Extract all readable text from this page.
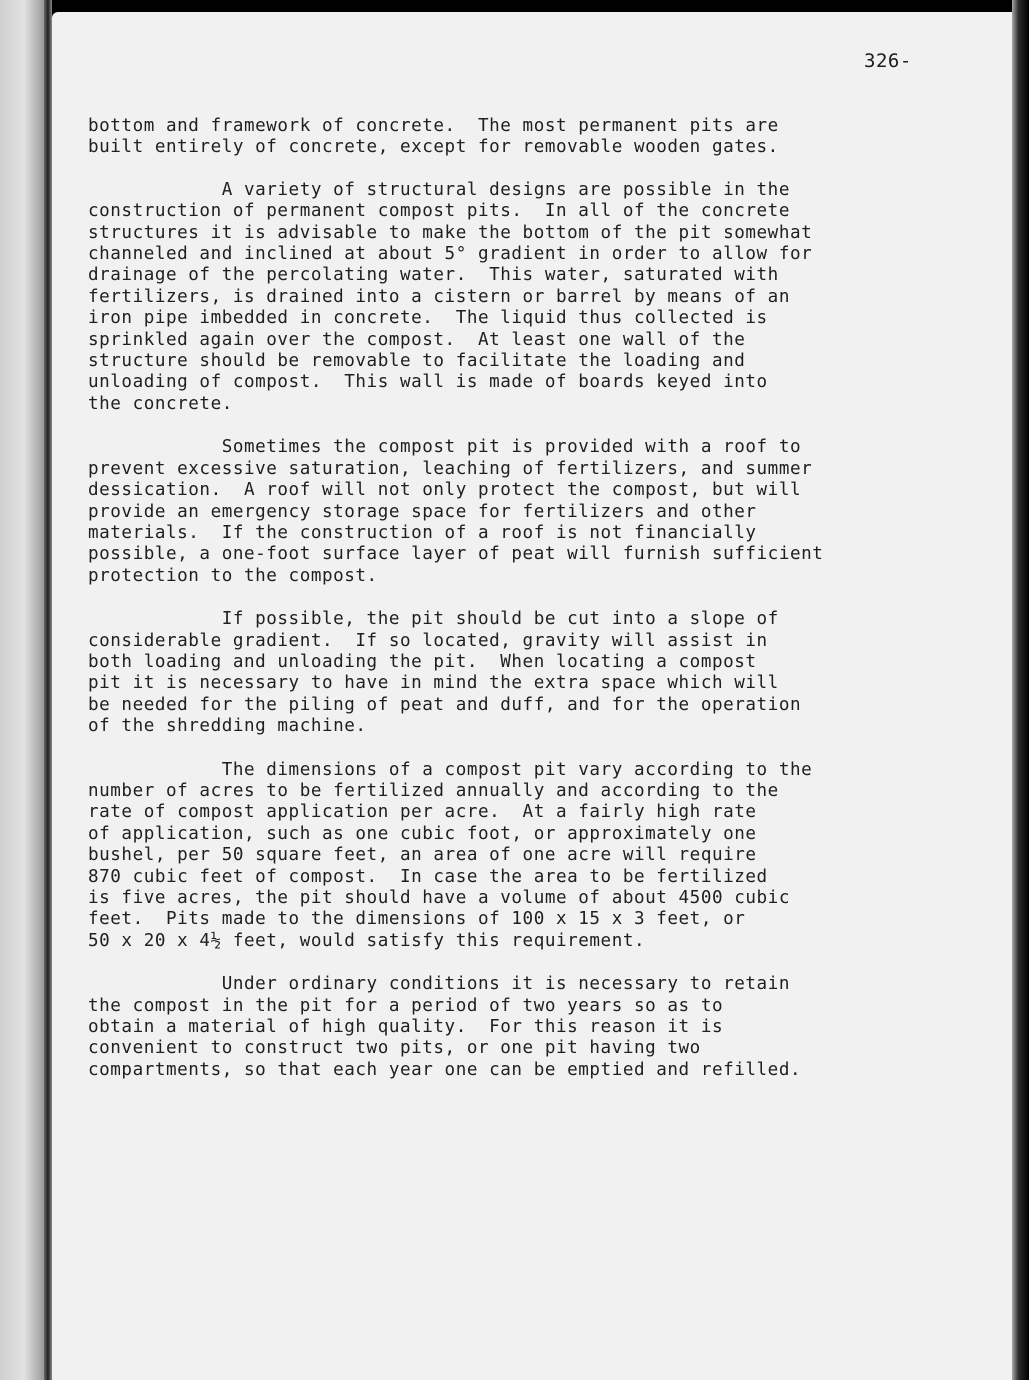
326-

bottom and framework of concrete.  The most permanent pits are
built entirely of concrete, except for removable wooden gates.

A variety of structural designs are possible in the
construction of permanent compost pits.  In all of the concrete
structures it is advisable to make the bottom of the pit somewhat
channeled and inclined at about 5° gradient in order to allow for
drainage of the percolating water.  This water, saturated with
fertilizers, is drained into a cistern or barrel by means of an
iron pipe imbedded in concrete.  The liquid thus collected is
sprinkled again over the compost.  At least one wall of the
structure should be removable to facilitate the loading and
unloading of compost.  This wall is made of boards keyed into
the concrete.

Sometimes the compost pit is provided with a roof to
prevent excessive saturation, leaching of fertilizers, and summer
dessication.  A roof will not only protect the compost, but will
provide an emergency storage space for fertilizers and other
materials.  If the construction of a roof is not financially
possible, a one-foot surface layer of peat will furnish sufficient
protection to the compost.

If possible, the pit should be cut into a slope of
considerable gradient.  If so located, gravity will assist in
both loading and unloading the pit.  When locating a compost
pit it is necessary to have in mind the extra space which will
be needed for the piling of peat and duff, and for the operation
of the shredding machine.

The dimensions of a compost pit vary according to the
number of acres to be fertilized annually and according to the
rate of compost application per acre.  At a fairly high rate
of application, such as one cubic foot, or approximately one
bushel, per 50 square feet, an area of one acre will require
870 cubic feet of compost.  In case the area to be fertilized
is five acres, the pit should have a volume of about 4500 cubic
feet.  Pits made to the dimensions of 100 x 15 x 3 feet, or
50 x 20 x 4½ feet, would satisfy this requirement.

Under ordinary conditions it is necessary to retain
the compost in the pit for a period of two years so as to
obtain a material of high quality.  For this reason it is
convenient to construct two pits, or one pit having two
compartments, so that each year one can be emptied and refilled.
